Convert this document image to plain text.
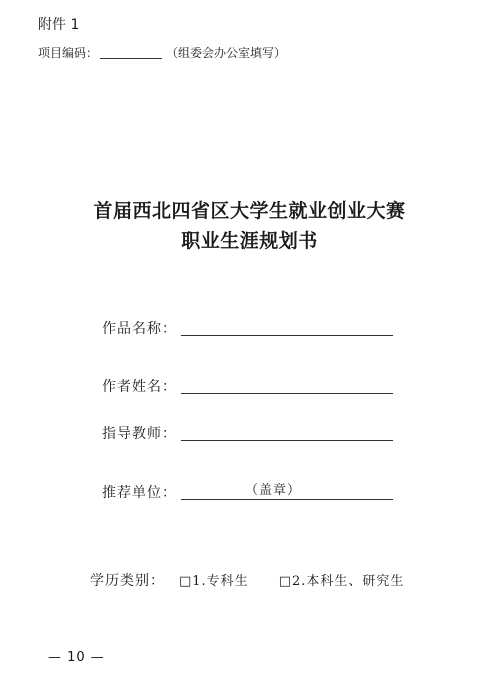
附件 1
项目编码：	（组委会办公室填写）
首届西北四省区大学生就业创业大赛
职业生涯规划书
作品名称：
作者姓名：
指导教师：
推荐单位：	（盖章）
学历类别： □1.专科生 □2.本科生、研究生
— 10 —
